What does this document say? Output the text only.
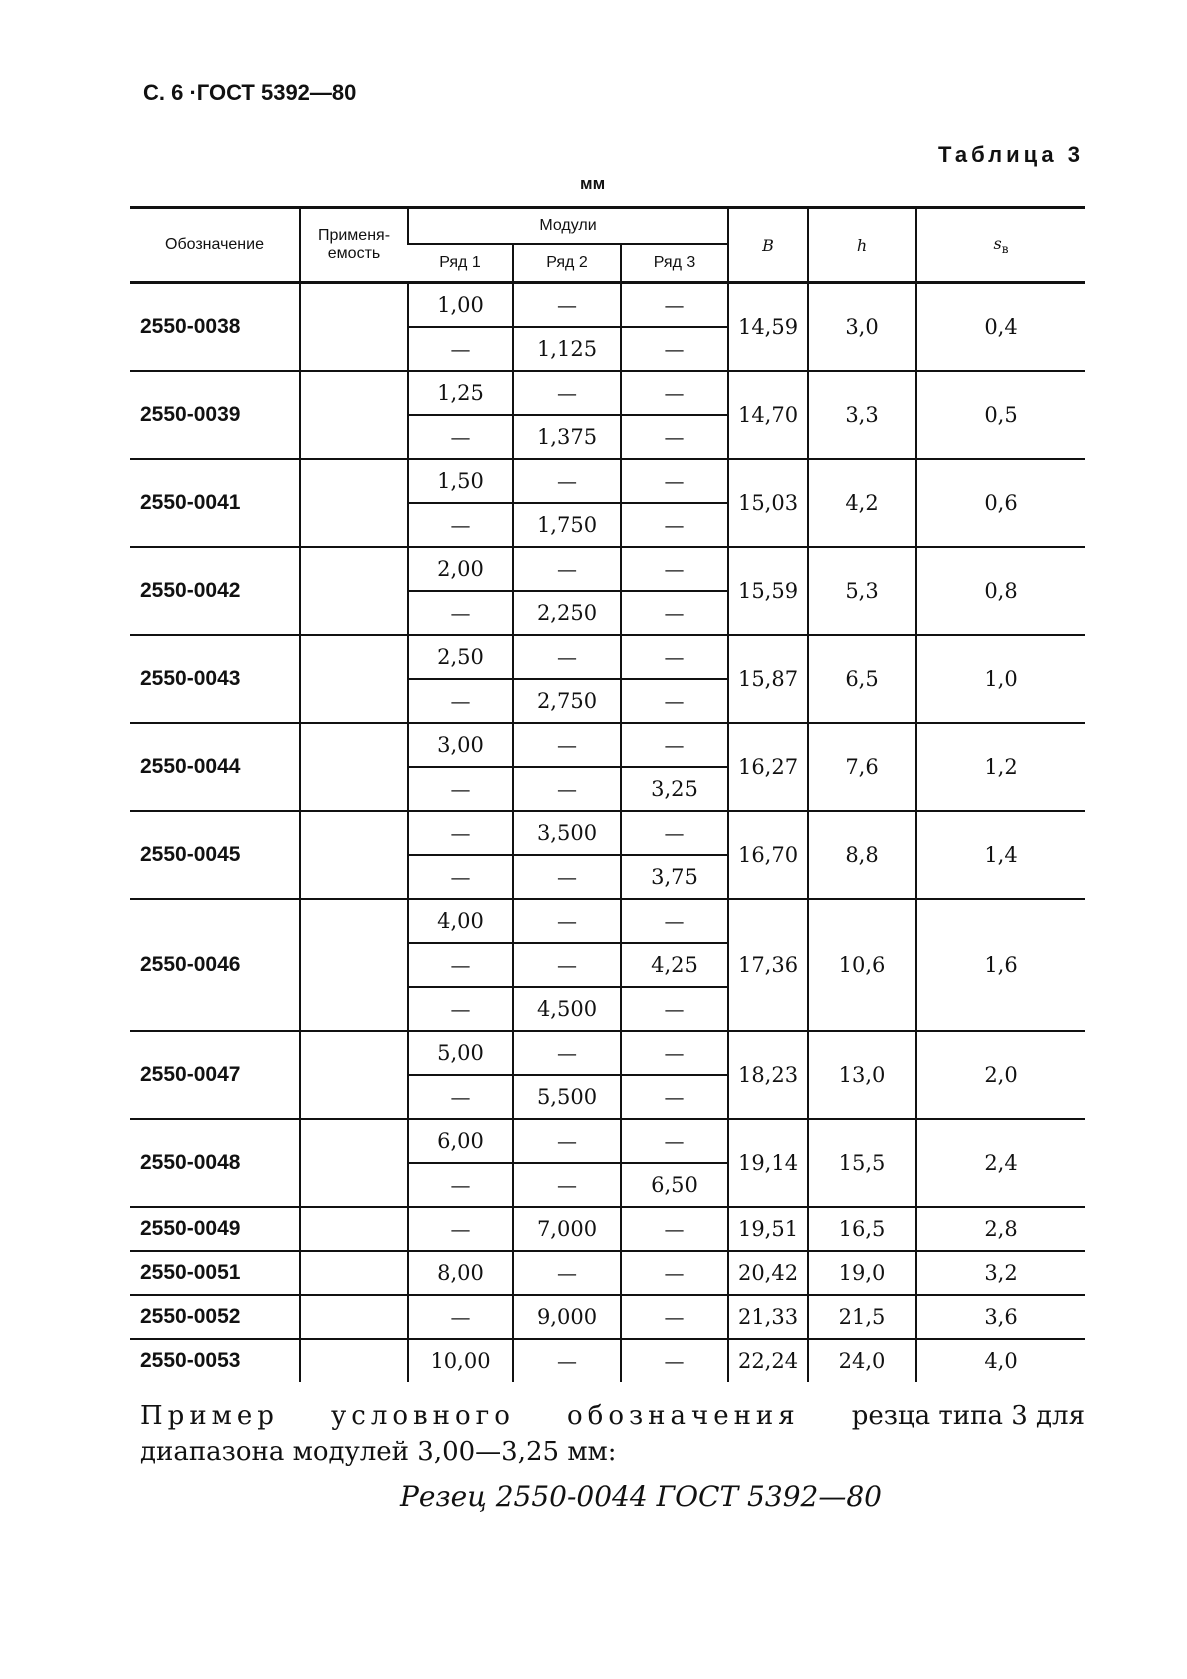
С. 6 ·ГОСТ 5392—80
Таблица 3
мм
Обозначение	Применя-
емость	Модули			B	h	$s_в$
		Ряд 1	Ряд 2	Ряд 3			
2550-0038		1,00	—	—	14,59	3,0	0,4
		—	1,125	—			
2550-0039		1,25	—	—	14,70	3,3	0,5
		—	1,375	—			
2550-0041		1,50	—	—	15,03	4,2	0,6
		—	1,750	—			
2550-0042		2,00	—	—	15,59	5,3	0,8
		—	2,250	—			
2550-0043		2,50	—	—	15,87	6,5	1,0
		—	2,750	—			
2550-0044		3,00	—	—	16,27	7,6	1,2
		—	—	3,25			
2550-0045		—	3,500	—	16,70	8,8	1,4
		—	—	3,75			
2550-0046		4,00	—	—	17,36	10,6	1,6
		—	—	4,25			
		—	4,500	—			
2550-0047		5,00	—	—	18,23	13,0	2,0
		—	5,500	—			
2550-0048		6,00	—	—	19,14	15,5	2,4
		—	—	6,50			
2550-0049		—	7,000	—	19,51	16,5	2,8
2550-0051		8,00	—	—	20,42	19,0	3,2
2550-0052		—	9,000	—	21,33	21,5	3,6
2550-0053		10,00	—	—	22,24	24,0	4,0
Пример условного обозначения резца типа 3 для
диапазона модулей 3,00—3,25 мм:
Резец 2550-0044 ГОСТ 5392—80
